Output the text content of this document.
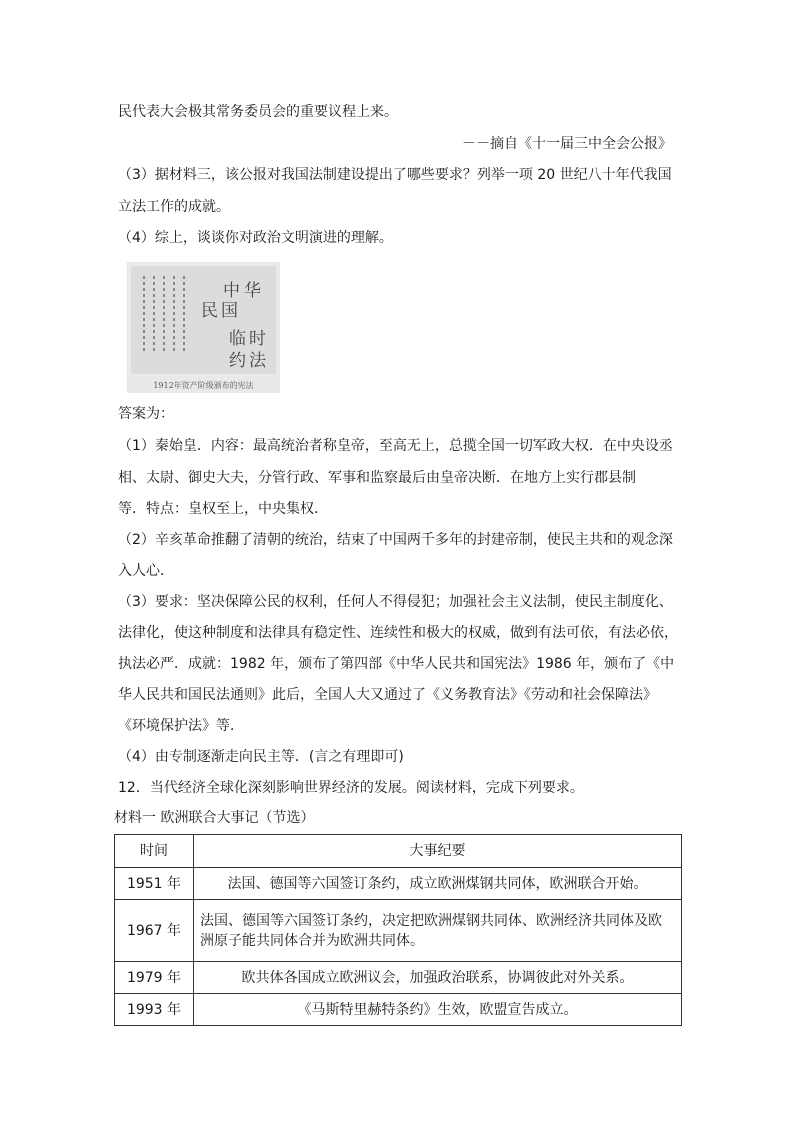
民代表大会极其常务委员会的重要议程上来。
－－摘自《十一届三中全会公报》
（3）据材料三，该公报对我国法制建设提出了哪些要求？列举一项 20 世纪八十年代我国
立法工作的成就。
（4）综上，谈谈你对政治文明演进的理解。
中 华
民 国
临 时
约 法
1912年资产阶级颁布的宪法
答案为：
（1）秦始皇．内容：最高统治者称皇帝，至高无上，总揽全国一切军政大权．在中央设丞
相、太尉、御史大夫，分管行政、军事和监察最后由皇帝决断．在地方上实行郡县制
等．特点：皇权至上，中央集权．
（2）辛亥革命推翻了清朝的统治，结束了中国两千多年的封建帝制，使民主共和的观念深
入人心．
（3）要求：坚决保障公民的权利，任何人不得侵犯；加强社会主义法制，使民主制度化、
法律化，使这种制度和法律具有稳定性、连续性和极大的权威，做到有法可依，有法必依，
执法必严．成就：1982 年，颁布了第四部《中华人民共和国宪法》1986 年，颁布了《中
华人民共和国民法通则》此后，全国人大又通过了《义务教育法》《劳动和社会保障法》
《环境保护法》等．
（4）由专制逐渐走向民主等．(言之有理即可)
12．当代经济全球化深刻影响世界经济的发展。阅读材料，完成下列要求。
材料一 欧洲联合大事记（节选）
时间	大事纪要
1951 年	法国、德国等六国签订条约，成立欧洲煤钢共同体，欧洲联合开始。
1967 年	法国、德国等六国签订条约，决定把欧洲煤钢共同体、欧洲经济共同体及欧
洲原子能共同体合并为欧洲共同体。

1979 年	欧共体各国成立欧洲议会，加强政治联系，协调彼此对外关系。
1993 年	《马斯特里赫特条约》生效，欧盟宣告成立。
